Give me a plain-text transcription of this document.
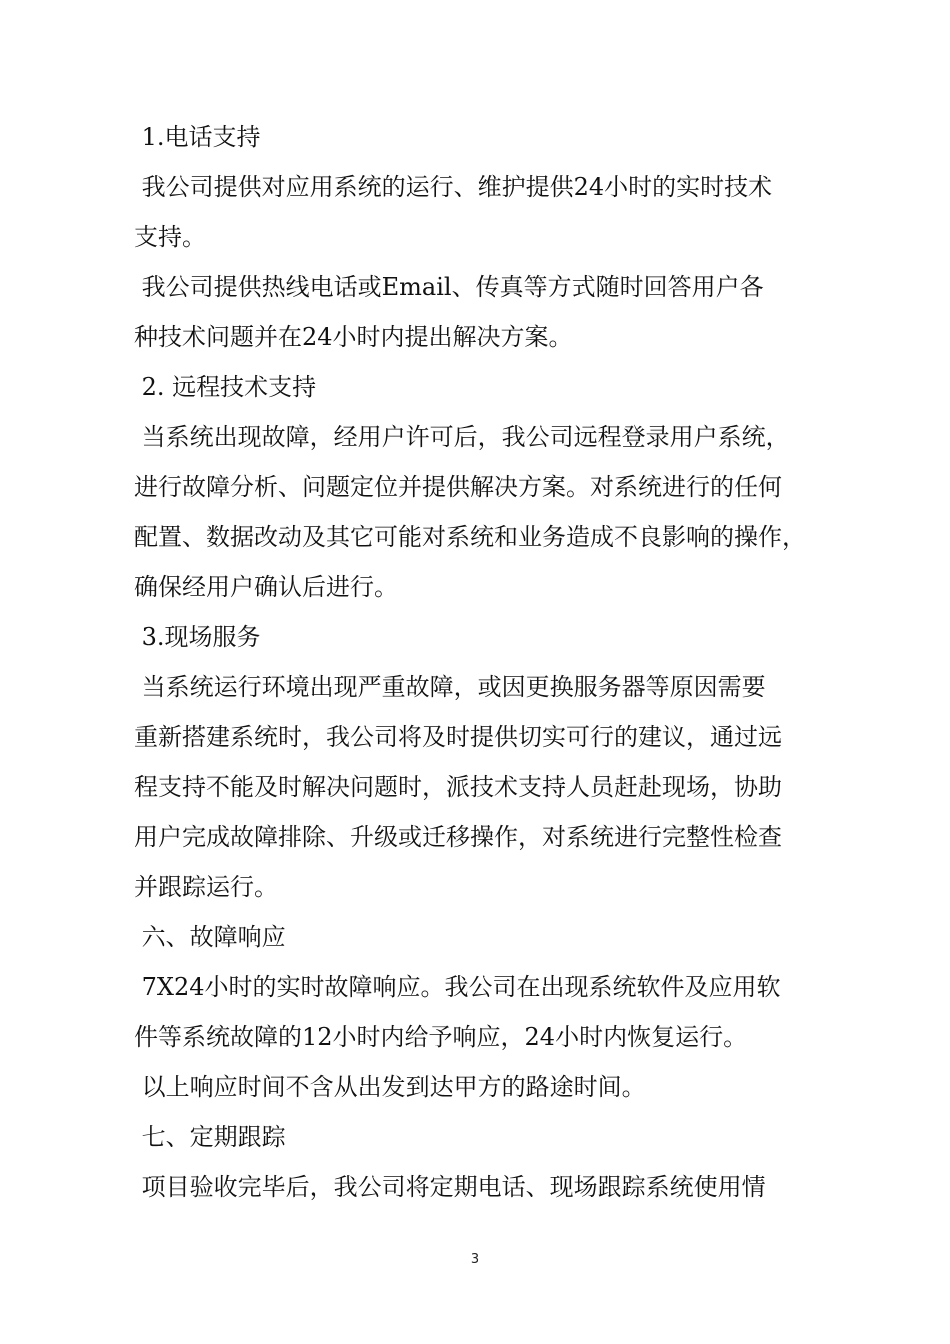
1.电话支持

我公司提供对应用系统的运行、维护提供24小时的实时技术
支持。

我公司提供热线电话或Email、传真等方式随时回答用户各
种技术问题并在24小时内提出解决方案。

2. 远程技术支持

当系统出现故障，经用户许可后，我公司远程登录用户系统，
进行故障分析、问题定位并提供解决方案。对系统进行的任何
配置、数据改动及其它可能对系统和业务造成不良影响的操作，
确保经用户确认后进行。

3.现场服务

当系统运行环境出现严重故障，或因更换服务器等原因需要
重新搭建系统时，我公司将及时提供切实可行的建议，通过远
程支持不能及时解决问题时，派技术支持人员赶赴现场，协助
用户完成故障排除、升级或迁移操作，对系统进行完整性检查
并跟踪运行。

六、故障响应

7X24小时的实时故障响应。我公司在出现系统软件及应用软
件等系统故障的12小时内给予响应，24小时内恢复运行。

以上响应时间不含从出发到达甲方的路途时间。

七、定期跟踪

项目验收完毕后，我公司将定期电话、现场跟踪系统使用情

3
